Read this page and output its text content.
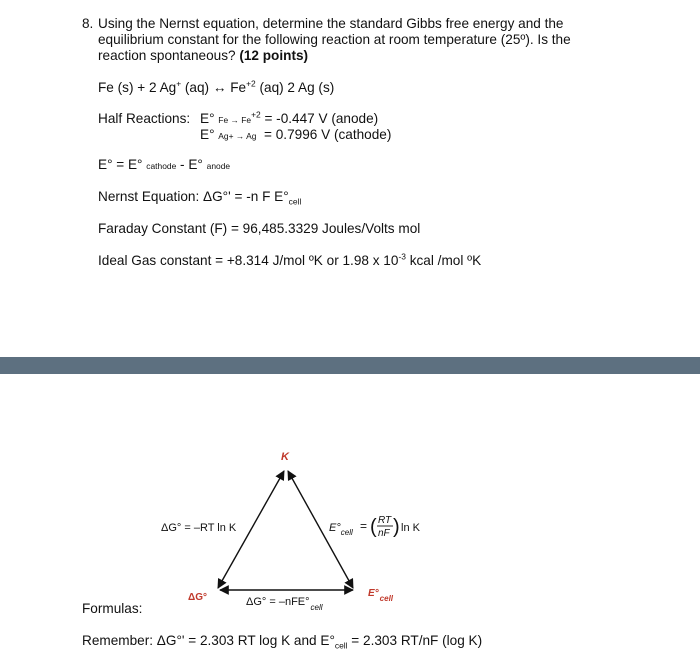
8. Using the Nernst equation, determine the standard Gibbs free energy and the
equilibrium constant for the following reaction at room temperature (25º). Is the
reaction spontaneous? (12 points)
Fe (s) + 2 Ag+ (aq) ↔ $Fe^{+2}$ (aq) 2 Ag (s)
Half Reactions: E° $Fe \to Fe^{+2} = -0.447$ V (anode)
E° Ag+ → Ag = 0.7996 V (cathode)
E° = E° cathode - E° anode
Nernst Equation: ΔG°' = -n F $E^\circ_{cell}$
Faraday Constant (F) = 96,485.3329 Joules/Volts mol
Ideal Gas constant = +8.314 J/mol ºK or 1.98 x $10^{-3}$ kcal /mol ºK
K
ΔG°	$E^\circ_{cell}$
ΔG° = –RT ln K	$E^\circ_{cell}$ = ( RT
nF ) ln K
$\Delta G^\circ = -nFE^\circ_{cell}$
Formulas:
Remember: ΔG°' = 2.303 RT log K and $E^\circ_{cell} = 2.303$ RT/nF (log K)
